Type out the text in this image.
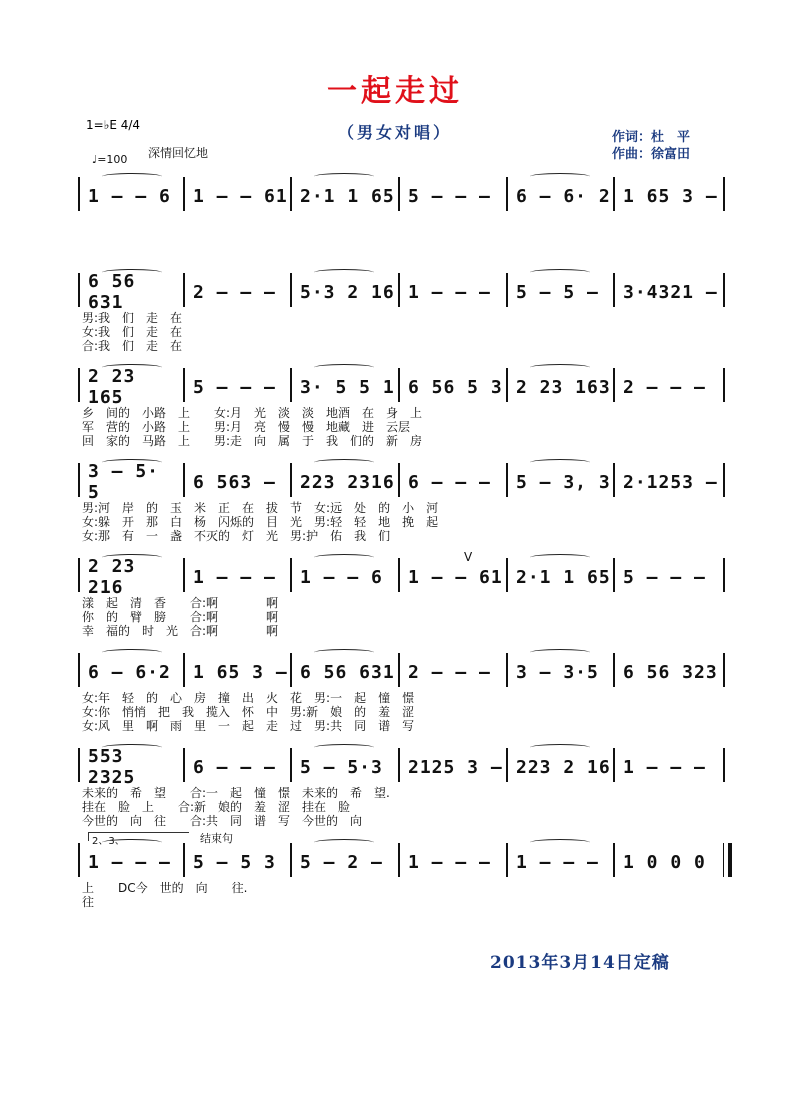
一起走过
（男女对唱）	作词：杜　平
作曲：徐富田
1=♭E 4/4
♩=100 深情回忆地
1 — — 6	1 — — 61 2·1 1 65 5 — — —	6 — 6· 2 1 65 3 —
6 56 631	2 — — —	5·3 2 16 1 — — —	5 — 5 —	3·4321 —
男:我　们　走　在
女:我　们　走　在
合:我　们　走　在
2 23 165	5 — — —	3· 5 5 1 6 56 5 3 2 23 163 2 — — —
乡　间的　小路　上　　女:月　光　淡　淡　地酒　在　身　上
军　营的　小路　上　　男:月　亮　慢　慢　地藏　进　云层
回　家的　马路　上　　男:走　向　属　于　我　们的　新　房
3 — 5· 5	6 563 —	223 2316 6 — — —	5 — 3, 3 2·1253 —
男:河　岸　的　玉　米　正　在　拔　节　女:远　处　的　小　河
女:躲　开　那　白　杨　闪烁的　目　光　男:轻　轻　地　挽　起
女:那　有　一　盏　不灭的　灯　光　男:护　佑　我　们
2 23 216	1 — — —	1 — — 6	1 — — 61 2·1 1 65 5 — — —
漾　起　清　香　　合:啊　　　　啊
你　的　臂　膀　　合:啊　　　　啊
幸　福的　时　光　合:啊　　　　啊
6 — 6·2	1 65 3 — 6 56 631 2 — — —	3 — 3·5	6 56 323
女:年　轻　的　心　房　撞　出　火　花　男:一　起　憧　憬
女:你　悄悄　把　我　揽入　怀　中　男:新　娘　的　羞　涩
女:风　里　啊　雨　里　一　起　走　过　男:共　同　谱　写
553 2325	6 — — —	5 — 5·3	2125 3 — 223 2 16 1 — — —
未来的　希　望　　合:一　起　憧　憬　未来的　希　望.
挂在　脸　上　　合:新　娘的　羞　涩　挂在　脸
今世的　向　往　　合:共　同　谱　写　今世的　向
1 — — —	5 — 5 3	5 — 2 —	1 — — —	1 — — —	1 0 0 0
上　　DC今　世的　向　　往.
往
2、3、	结束句
V
2013年3月14日定稿
